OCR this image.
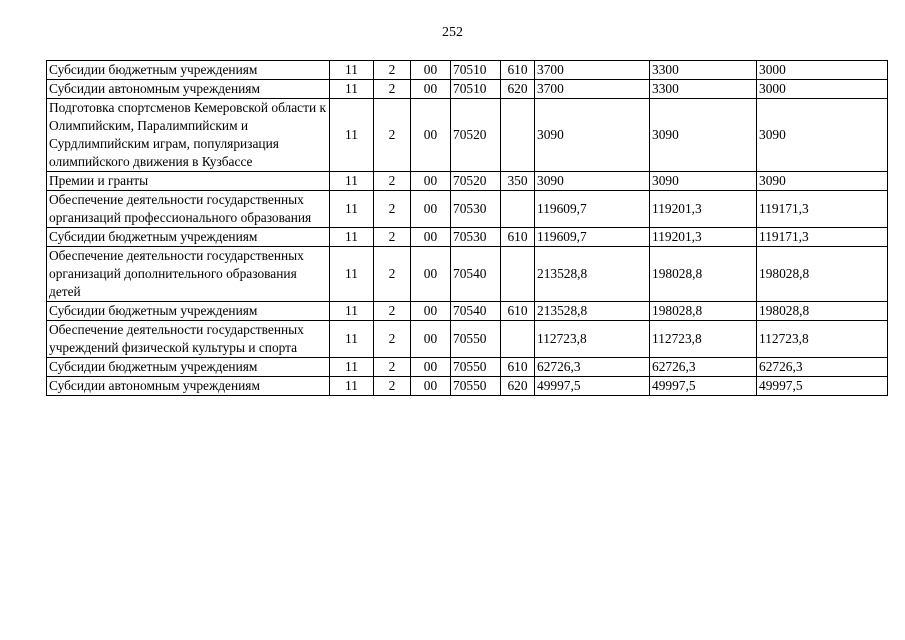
252
Субсидии бюджетным учреждениям	11	2	00	70510	610	3700	3300	3000
Субсидии автономным учреждениям	11	2	00	70510	620	3700	3300	3000
Подготовка спортсменов Кемеровской области к Олимпийским, Паралимпийским и Сурдлимпийским играм, популяризация олимпийского движения в Кузбассе	11	2	00	70520		3090	3090	3090
Премии и гранты	11	2	00	70520	350	3090	3090	3090
Обеспечение деятельности государственных организаций профессионального образования	11	2	00	70530		119609,7	119201,3	119171,3
Субсидии бюджетным учреждениям	11	2	00	70530	610	119609,7	119201,3	119171,3
Обеспечение деятельности государственных организаций дополнительного образования детей	11	2	00	70540		213528,8	198028,8	198028,8
Субсидии бюджетным учреждениям	11	2	00	70540	610	213528,8	198028,8	198028,8
Обеспечение деятельности государственных учреждений физической культуры и спорта	11	2	00	70550		112723,8	112723,8	112723,8
Субсидии бюджетным учреждениям	11	2	00	70550	610	62726,3	62726,3	62726,3
Субсидии автономным учреждениям	11	2	00	70550	620	49997,5	49997,5	49997,5
